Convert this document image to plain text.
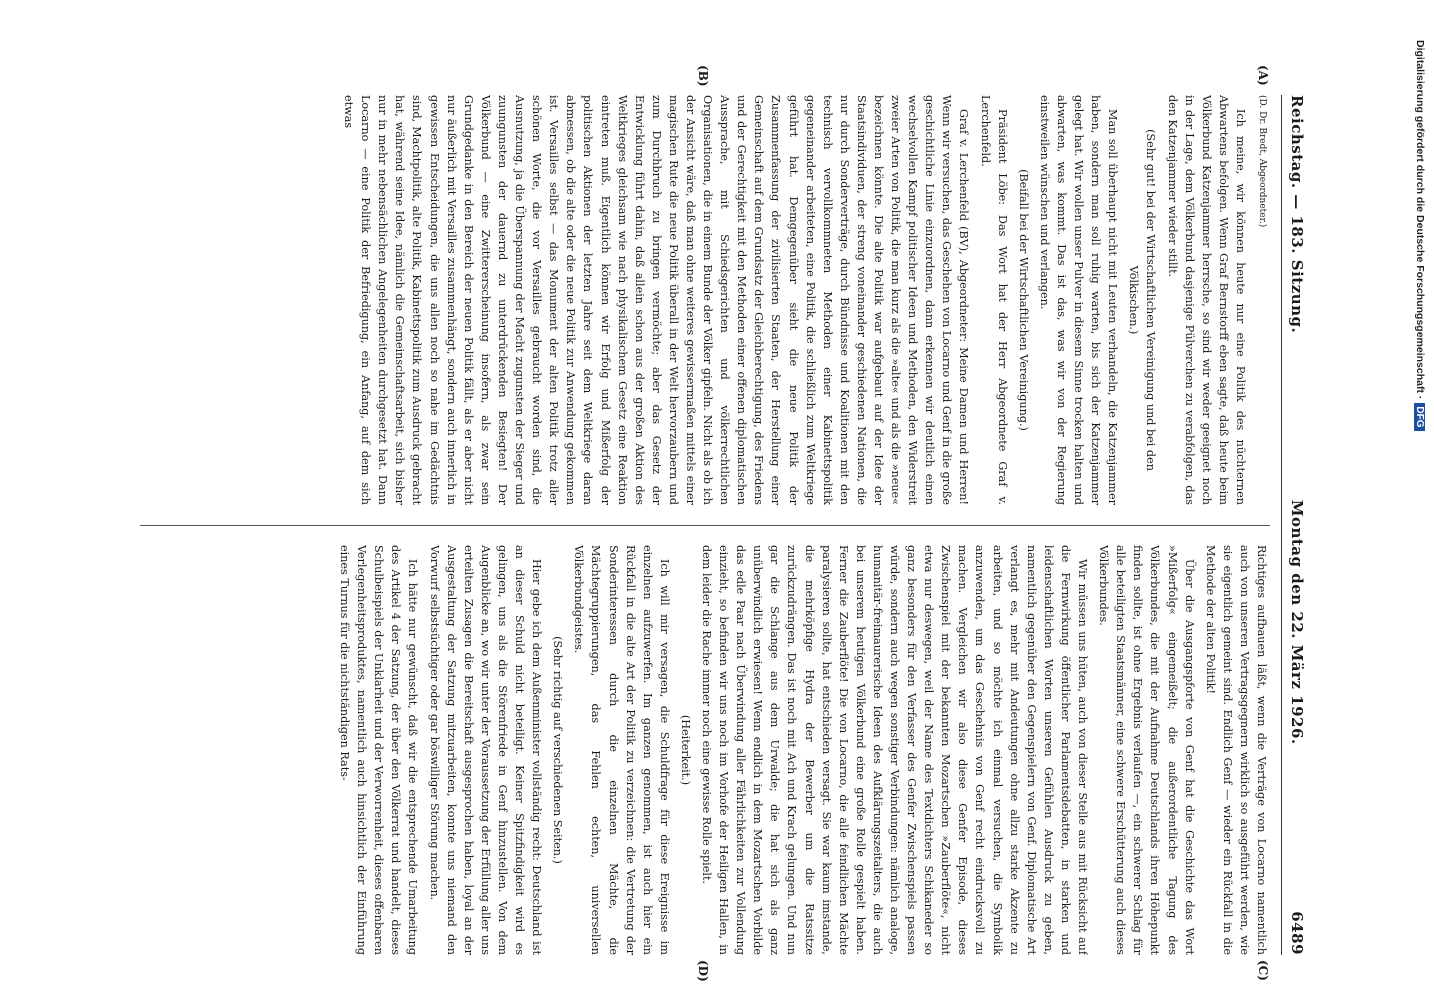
Reichstag. — 183. Sitzung.
Montag den 22. März 1926.
6489
(A)
(B)
(C)
(D)

(D. Dr. Bredt, Abgeordneter.)

Ich meine, wir können heute nur eine Politik des nüchternen Abwartens befolgen. Wenn Graf Bernstorff eben sagte, daß heute beim Völkerbund Katzenjammer herrsche, so sind wir weder geeignet noch in der Lage, dem Völkerbund dasjenige Pülverchen zu verabfolgen, das den Katzenjammer wieder stillt.

(Sehr gut! bei der Wirtschaftlichen Vereinigung und bei den Völkischen.)

Man soll überhaupt nicht mit Leuten verhandeln, die Katzenjammer haben, sondern man soll ruhig warten, bis sich der Katzenjammer gelegt hat. Wir wollen unser Pulver in diesem Sinne trocken halten und abwarten, was kommt. Das ist das, was wir von der Regierung einstweilen wünschen und verlangen.

(Beifall bei der Wirtschaftlichen Vereinigung.)

Präsident Löbe: Das Wort hat der Herr Abgeordnete Graf v. Lerchenfeld.

Graf v. Lerchenfeld (BV), Abgeordneter: Meine Damen und Herren! Wenn wir versuchen, das Geschehen von Locarno und Genf in die große geschichtliche Linie einzuordnen, dann erkennen wir deutlich einen wechselvollen Kampf politischer Ideen und Methoden, den Widerstreit zweier Arten von Politik, die man kurz als die »alte« und als die »neue« bezeichnen könnte. Die alte Politik war aufgebaut auf der Idee der Staatsindividuen, der streng voneinander geschiedenen Nationen, die nur durch Sonderverträge, durch Bündnisse und Koalitionen mit den technisch vervollkommneten Methoden einer Kabinettspolitik gegeneinander arbeiteten, eine Politik, die schließlich zum Weltkriege geführt hat. Demgegenüber sieht die neue Politik der Zusammenfassung der zivilisierten Staaten, der Herstellung einer Gemeinschaft auf dem Grundsatz der Gleichberechtigung, des Friedens und der Gerechtigkeit mit den Methoden einer offenen diplomatischen Aussprache, mit Schiedsgerichten und völkerrechtlichen Organisationen, die in einem Bunde der Völker gipfeln. Nicht als ob ich der Ansicht wäre, daß man ohne weiteres gewissermaßen mittels einer magischen Rute die neue Politik überall in der Welt hervorzaubern und zum Durchbruch zu bringen vermöchte; aber das Gesetz der Entwicklung führt dahin, daß allein schon aus der großen Aktion des Weltkrieges gleichsam wie nach physikalischem Gesetz eine Reaktion eintreten muß. Eigentlich können wir Erfolg und Mißerfolg der politischen Aktionen der letzten Jahre seit dem Weltkriege daran abmessen, ob die alte oder die neue Politik zur Anwendung gekommen ist. Versailles selbst — das Monument der alten Politik trotz aller schönen Worte, die vor Versailles gebraucht worden sind, die Ausnutzung, ja die Überspannung der Macht zugunsten der Sieger und zuungunsten der dauernd zu unterdrückenden Besiegten! Der Völkerbund — eine Zwittererscheinung insofern, als zwar sein Grundgedanke in den Bereich der neuen Politik fällt, als er aber nicht nur äußerlich mit Versailles zusammenhängt, sondern auch innerlich in gewissen Entscheidungen, die uns allen noch so nahe im Gedächtnis sind, Machtpolitik, alte Politik, Kabinettspolitik zum Ausdruck gebracht hat, während seine Idee, nämlich die Gemeinschaftsarbeit, sich bisher nur in mehr nebensächlichen Angelegenheiten durchgesetzt hat. Dann Locarno — eine Politik der Befriedigung, ein Anfang, auf dem sich etwas

Richtiges aufbauen läßt, wenn die Verträge von Locarno namentlich auch von unseren Vertragsgegnern wirklich so ausgeführt werden, wie sie eigentlich gemeint sind. Endlich Genf — wieder ein Rückfall in die Methode der alten Politik!

Über die Ausgangspforte von Genf hat die Geschichte das Wort »Mißerfolg« eingemeißelt; die außerordentliche Tagung des Völkerbundes, die mit der Aufnahme Deutschlands ihren Höhepunkt finden sollte, ist ohne Ergebnis verlaufen —, ein schwerer Schlag für alle beteiligten Staatsmänner, eine schwere Erschütterung auch dieses Völkerbundes.

Wir müssen uns hüten, auch von dieser Stelle aus mit Rücksicht auf die Fernwirkung öffentlicher Parlamentsdebatten, in starken und leidenschaftlichen Worten unseren Gefühlen Ausdruck zu geben, namentlich gegenüber den Gegenspielern von Genf. Diplomatische Art verlangt es, mehr mit Andeutungen ohne allzu starke Akzente zu arbeiten, und so möchte ich einmal versuchen, die Symbolik anzuwenden, um das Geschehnis von Genf recht eindrucksvoll zu machen. Vergleichen wir also diese Genfer Episode, dieses Zwischenspiel mit der bekannten Mozartschen »Zauberflöte«, nicht etwa nur deswegen, weil der Name des Textdichters Schikaneder so ganz besonders für den Verfasser des Genfer Zwischenspiels passen würde, sondern auch wegen sonstiger Verbindungen: nämlich analoge, humanitär-freimaurerische Ideen des Aufklärungszeitalters, die auch bei unserem heutigen Völkerbund eine große Rolle gespielt haben. Ferner die Zauberflöte! Die von Locarno, die alle feindlichen Mächte paralysieren sollte, hat entschieden versagt. Sie war kaum imstande, die mehrköpfige Hydra der Bewerber um die Ratssitze zurückzudrängen. Das ist noch mit Ach und Krach gelungen. Und nun gar die Schlange aus dem Urwalde; die hat sich als ganz unüberwindlich erwiesen! Wenn endlich in dem Mozartschen Vorbilde das edle Paar nach Überwindung aller Fährlichkeiten zur Vollendung einzieht, so befinden wir uns noch im Vorhofe der Heiligen Hallen, in dem leider die Rache immer noch eine gewisse Rolle spielt.

(Heiterkeit.)

Ich will mir versagen, die Schuldfrage für diese Ereignisse im einzelnen aufzuwerfen. Im ganzen genommen, ist auch hier ein Rückfall in die alte Art der Politik zu verzeichnen: die Vertretung der Sonderinteressen durch die einzelnen Mächte, die Mächtegruppierungen, das Fehlen echten, universellen Völkerbundgeistes.

(Sehr richtig auf verschiedenen Seiten.)

Hier gebe ich dem Außenminister vollständig recht: Deutschland ist an dieser Schuld nicht beteiligt. Keiner Spitzfindigkeit wird es gelingen, uns als die Störenfriede in Genf hinzustellen. Von dem Augenblicke an, wo wir unter der Voraussetzung der Erfüllung aller uns erteilten Zusagen die Bereitschaft ausgesprochen haben, loyal an der Ausgestaltung der Satzung mitzuarbeiten, konnte uns niemand den Vorwurf selbstsüchtiger oder gar böswilliger Störung machen.

Ich hätte nur gewünscht, daß wir die entsprechende Umarbeitung des Artikel 4 der Satzung, der über den Völkerrat und handelt, dieses Schulbeispiels der Unklarheit und der Verworrenheit, dieses offenbaren Verlegenheitsproduktes, namentlich auch hinsichtlich der Einführung eines Turnus für die nichtständigen Rats-

Digitalisierung gefördert durch die Deutsche Forschungsgemeinschaft ·DFG
